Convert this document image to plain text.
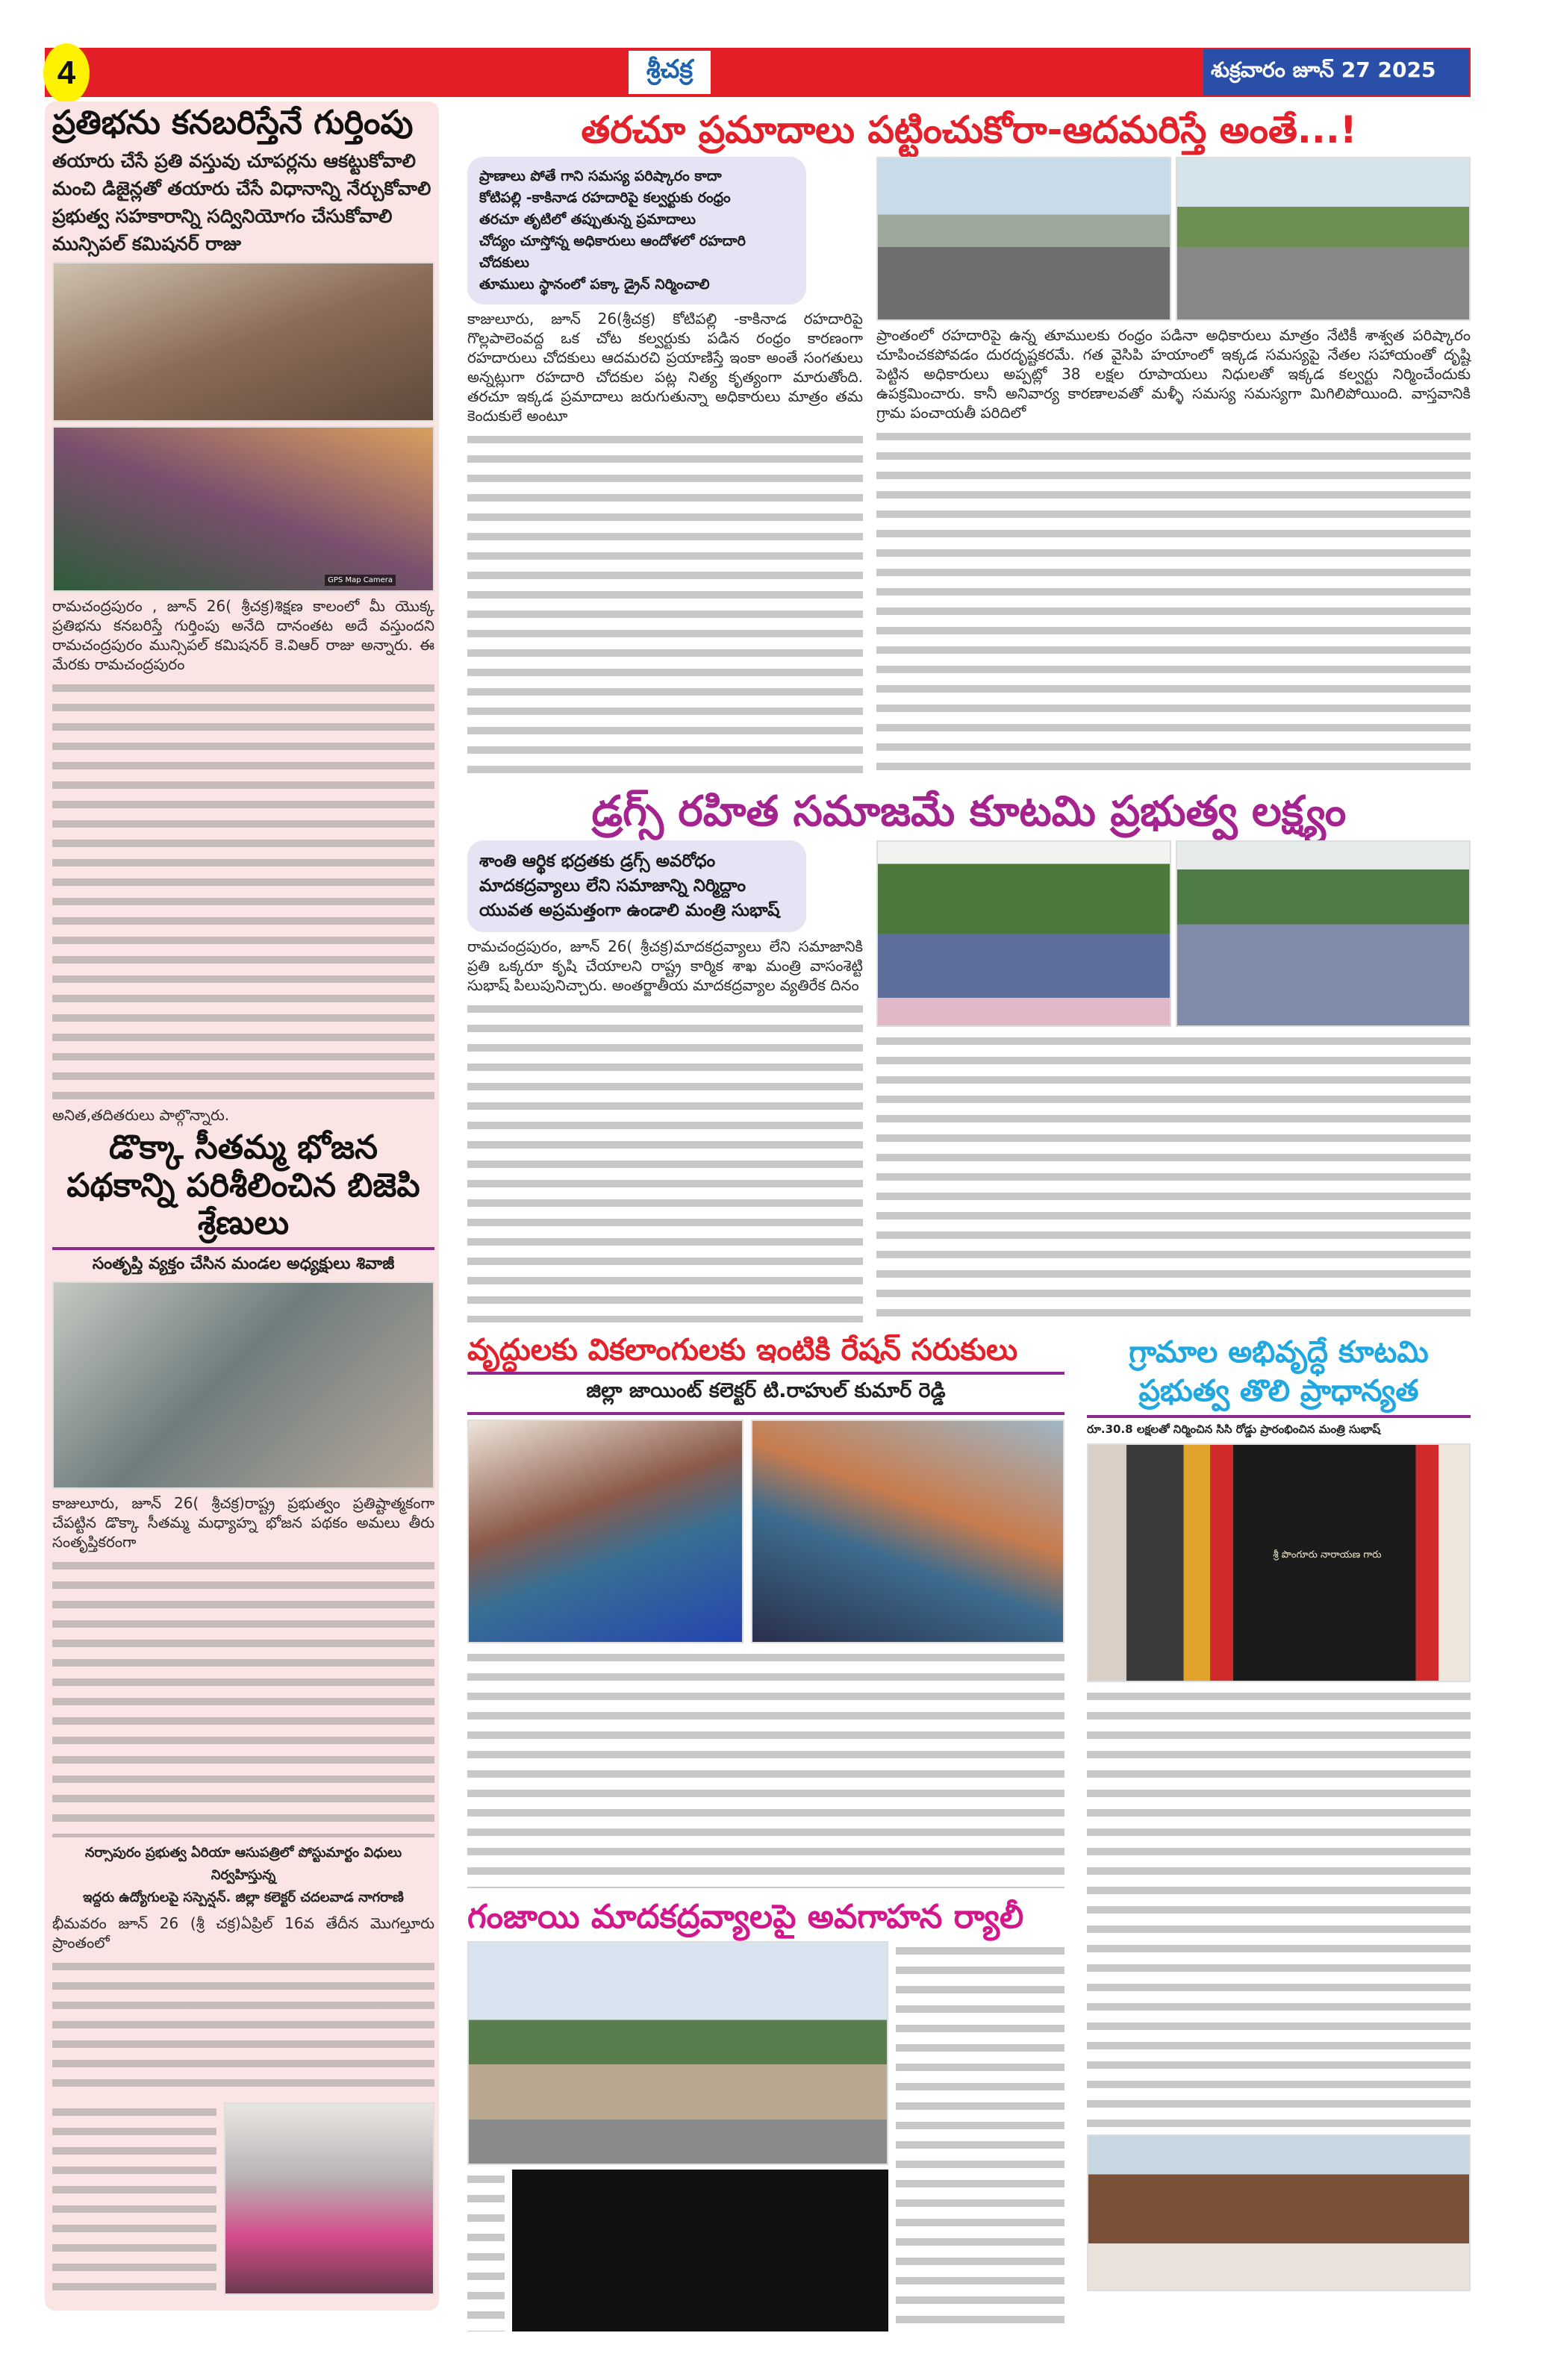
4	శ్రీచక్ర	శుక్రవారం జూన్ 27 2025
ప్రతిభను కనబరిస్తేనే గుర్తింపు
తయారు చేసే ప్రతి వస్తువు చూపర్లను ఆకట్టుకోవాలి
మంచి డిజైన్లతో తయారు చేసే విధానాన్ని నేర్చుకోవాలి
ప్రభుత్వ సహకారాన్ని సద్వినియోగం చేసుకోవాలి
మున్సిపల్ కమిషనర్ రాజు
GPS Map Camera
రామచంద్రపురం , జూన్ 26( శ్రీచక్ర)శిక్షణ కాలంలో మీ యొక్క ప్రతిభను కనబరిస్తే గుర్తింపు అనేది దానంతట అదే వస్తుందని రామచంద్రపురం మున్సిపల్ కమిషనర్ కె.విఆర్ రాజు అన్నారు. ఈ మేరకు రామచంద్రపురం
అనిత,తదితరులు పాల్గొన్నారు.
డొక్కా సీతమ్మ భోజన పథకాన్ని పరిశీలించిన బిజెపి శ్రేణులు
సంతృప్తి వ్యక్తం చేసిన మండల అధ్యక్షులు శివాజీ
కాజులూరు, జూన్ 26( శ్రీచక్ర)రాష్ట్ర ప్రభుత్వం ప్రతిష్టాత్మకంగా చేపట్టిన డొక్కా సీతమ్మ మధ్యాహ్న భోజన పథకం అమలు తీరు సంతృప్తికరంగా
నర్సాపురం ప్రభుత్వ ఏరియా ఆసుపత్రిలో పోస్టుమార్టం విధులు నిర్వహిస్తున్న
ఇద్దరు ఉద్యోగులపై సస్పెన్షన్. జిల్లా కలెక్టర్ చదలవాడ నాగరాణి
భీమవరం జూన్ 26 (శ్రీ చక్ర)ఏప్రిల్ 16వ తేదీన మొగల్తూరు ప్రాంతంలో
తరచూ ప్రమాదాలు పట్టించుకోరా-ఆదమరిస్తే అంతే...!
ప్రాణాలు పోతే గాని సమస్య పరిష్కారం కాదా
కోటిపల్లి -కాకినాడ రహదారిపై కల్వర్టుకు రంధ్రం
తరచూ తృటిలో తప్పుతున్న ప్రమాదాలు
చోద్యం చూస్తోన్న అధికారులు ఆందోళలో రహదారి చోదకులు
తూములు స్థానంలో పక్కా డ్రైన్ నిర్మించాలి
కాజులూరు, జూన్ 26(శ్రీచక్ర) కోటిపల్లి -కాకినాడ రహదారిపై గొల్లపాలెంవద్ద ఒక చోట కల్వర్టుకు పడిన రంధ్రం కారణంగా రహదారులు చోదకులు ఆదమరచి ప్రయాణిస్తే ఇంకా అంతే సంగతులు అన్నట్లుగా రహదారి చోదకుల పట్ల నిత్య కృత్యంగా మారుతోంది. తరచూ ఇక్కడ ప్రమాదాలు జరుగుతున్నా అధికారులు మాత్రం తమ కెందుకులే అంటూ
ప్రాంతంలో రహదారిపై ఉన్న తూములకు రంధ్రం పడినా అధికారులు మాత్రం నేటికీ శాశ్వత పరిష్కారం చూపించకపోవడం దురదృష్టకరమే. గత వైసిపి హయాంలో ఇక్కడ సమస్యపై నేతల సహాయంతో దృష్టి పెట్టిన అధికారులు అప్పట్లో 38 లక్షల రూపాయలు నిధులతో ఇక్కడ కల్వర్టు నిర్మించేందుకు ఉపక్రమించారు. కానీ అనివార్య కారణాలవతో మళ్ళీ సమస్య సమస్యగా మిగిలిపోయింది. వాస్తవానికి గ్రామ పంచాయతీ పరిదిలో
డ్రగ్స్ రహిత సమాజమే కూటమి ప్రభుత్వ లక్ష్యం
శాంతి ఆర్థిక భద్రతకు డ్రగ్స్ అవరోధం
మాదకద్రవ్యాలు లేని సమాజాన్ని నిర్మిద్దాం
యువత అప్రమత్తంగా ఉండాలి మంత్రి సుభాష్
రామచంద్రపురం, జూన్ 26( శ్రీచక్ర)మాదకద్రవ్యాలు లేని సమాజానికి ప్రతి ఒక్కరూ కృషి చేయాలని రాష్ట్ర కార్మిక శాఖ మంత్రి వాసంశెట్టి సుభాష్ పిలుపునిచ్చారు. అంతర్జాతీయ మాదకద్రవ్యాల వ్యతిరేక దినం
వృద్ధులకు వికలాంగులకు ఇంటికి రేషన్ సరుకులు
జిల్లా జాయింట్ కలెక్టర్ టి.రాహుల్ కుమార్ రెడ్డి
గ్రామాల అభివృద్ధే కూటమి ప్రభుత్వ తొలి ప్రాధాన్యత
రూ.30.8 లక్షలతో నిర్మించిన సిసి రోడ్డు ప్రారంభించిన మంత్రి సుభాష్
శ్రీ పొంగూరు నారాయణ గారు
గంజాయి మాదకద్రవ్యాలపై అవగాహన ర్యాలీ
